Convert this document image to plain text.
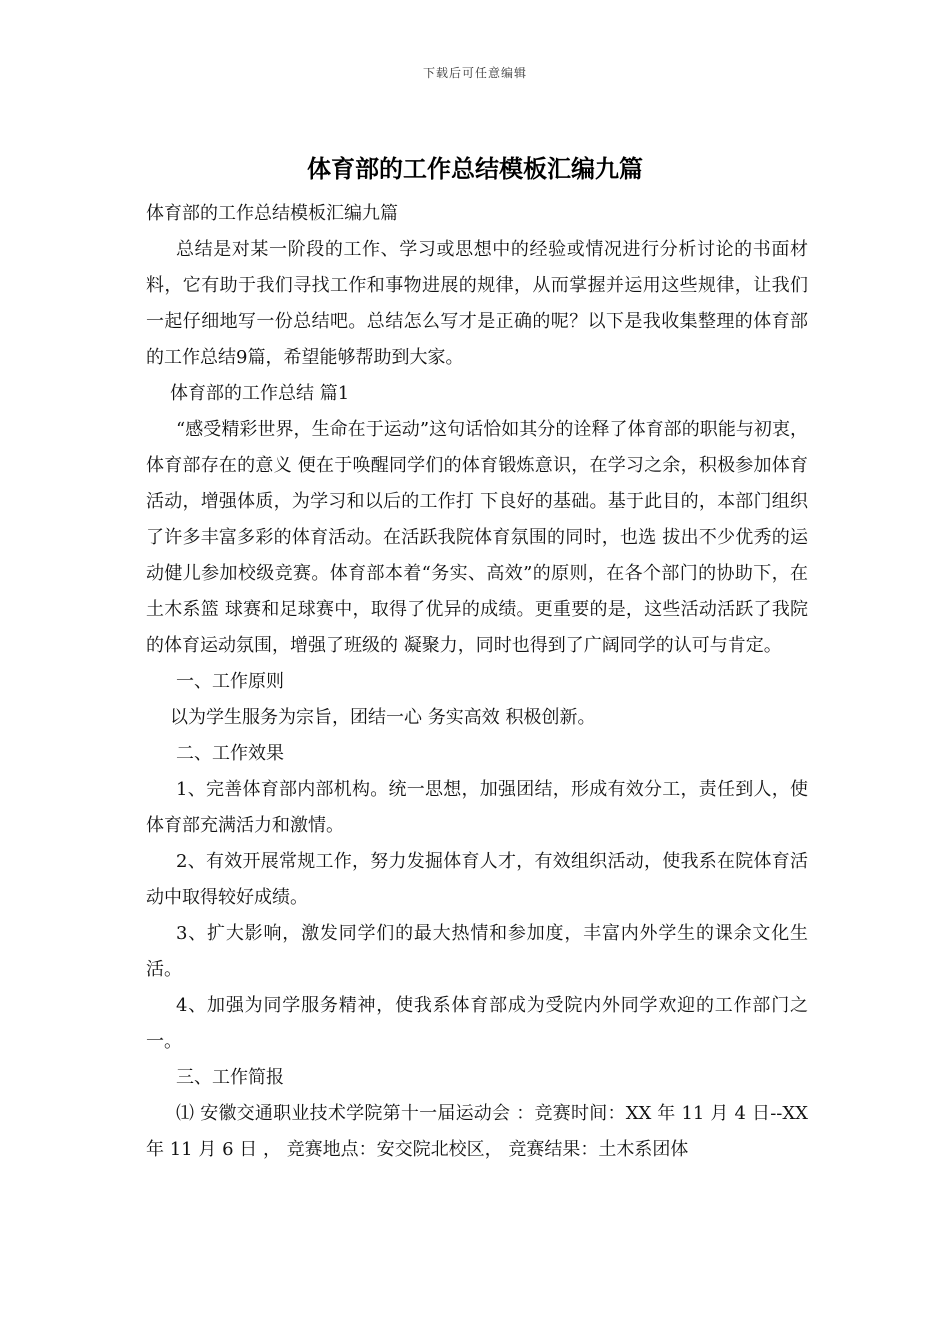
下载后可任意编辑
体育部的工作总结模板汇编九篇

体育部的工作总结模板汇编九篇

总结是对某一阶段的工作、学习或思想中的经验或情况进行分析讨论的书面材料，它有助于我们寻找工作和事物进展的规律，从而掌握并运用这些规律，让我们一起仔细地写一份总结吧。总结怎么写才是正确的呢？以下是我收集整理的体育部的工作总结9篇，希望能够帮助到大家。

体育部的工作总结 篇1

“感受精彩世界，生命在于运动”这句话恰如其分的诠释了体育部的职能与初衷，体育部存在的意义 便在于唤醒同学们的体育锻炼意识，在学习之余，积极参加体育活动，增强体质，为学习和以后的工作打 下良好的基础。基于此目的，本部门组织了许多丰富多彩的体育活动。在活跃我院体育氛围的同时，也选 拔出不少优秀的运动健儿参加校级竞赛。体育部本着“务实、高效”的原则，在各个部门的协助下，在土木系篮 球赛和足球赛中，取得了优异的成绩。更重要的是，这些活动活跃了我院的体育运动氛围，增强了班级的 凝聚力，同时也得到了广阔同学的认可与肯定。

一、工作原则

以为学生服务为宗旨，团结一心 务实高效 积极创新。

二、工作效果

1、完善体育部内部机构。统一思想，加强团结，形成有效分工，责任到人，使体育部充满活力和激情。

2、有效开展常规工作，努力发掘体育人才，有效组织活动，使我系在院体育活动中取得较好成绩。

3、扩大影响，激发同学们的最大热情和参加度，丰富内外学生的课余文化生活。

4、加强为同学服务精神，使我系体育部成为受院内外同学欢迎的工作部门之一。

三、工作简报

⑴ 安徽交通职业技术学院第十一届运动会 ：竞赛时间：XX 年 11 月 4 日--XX 年 11 月 6 日 ， 竞赛地点：安交院北校区， 竞赛结果：土木系团体
